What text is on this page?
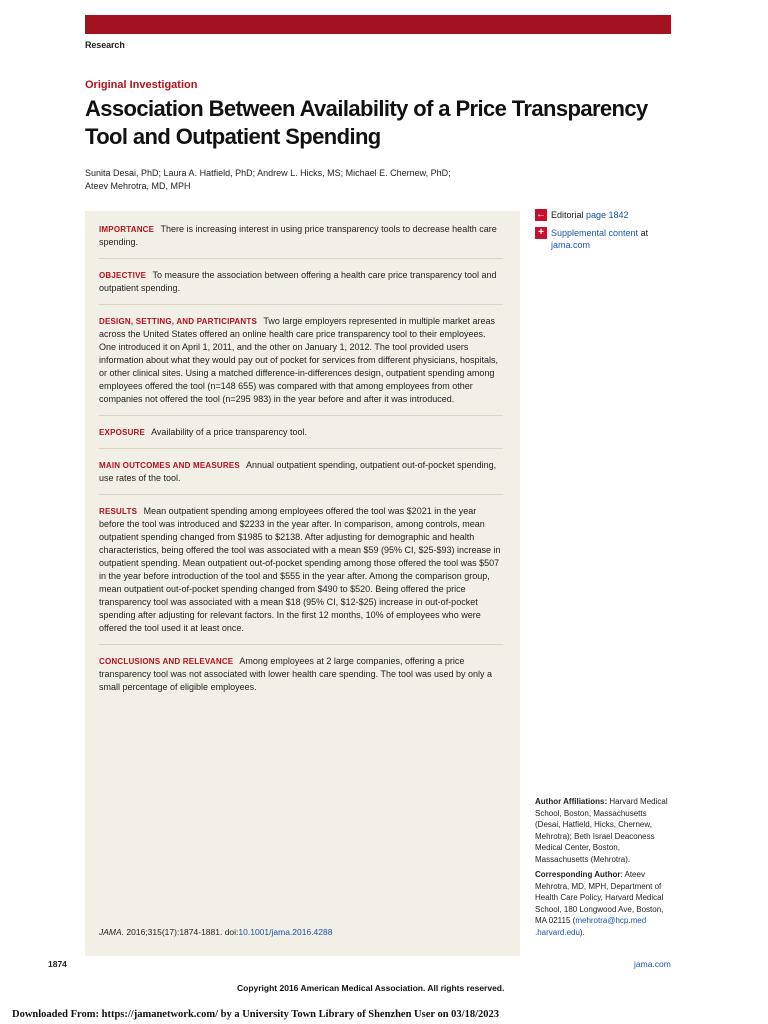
Research
Original Investigation
Association Between Availability of a Price Transparency Tool and Outpatient Spending
Sunita Desai, PhD; Laura A. Hatfield, PhD; Andrew L. Hicks, MS; Michael E. Chernew, PhD;
Ateev Mehrotra, MD, MPH
IMPORTANCE There is increasing interest in using price transparency tools to decrease health care spending.
OBJECTIVE To measure the association between offering a health care price transparency tool and outpatient spending.
DESIGN, SETTING, AND PARTICIPANTS Two large employers represented in multiple market areas across the United States offered an online health care price transparency tool to their employees. One introduced it on April 1, 2011, and the other on January 1, 2012. The tool provided users information about what they would pay out of pocket for services from different physicians, hospitals, or other clinical sites. Using a matched difference-in-differences design, outpatient spending among employees offered the tool (n=148 655) was compared with that among employees from other companies not offered the tool (n=295 983) in the year before and after it was introduced.
EXPOSURE Availability of a price transparency tool.
MAIN OUTCOMES AND MEASURES Annual outpatient spending, outpatient out-of-pocket spending, use rates of the tool.
RESULTS Mean outpatient spending among employees offered the tool was $2021 in the year before the tool was introduced and $2233 in the year after. In comparison, among controls, mean outpatient spending changed from $1985 to $2138. After adjusting for demographic and health characteristics, being offered the tool was associated with a mean $59 (95% CI, $25-$93) increase in outpatient spending. Mean outpatient out-of-pocket spending among those offered the tool was $507 in the year before introduction of the tool and $555 in the year after. Among the comparison group, mean outpatient out-of-pocket spending changed from $490 to $520. Being offered the price transparency tool was associated with a mean $18 (95% CI, $12-$25) increase in out-of-pocket spending after adjusting for relevant factors. In the first 12 months, 10% of employees who were offered the tool used it at least once.
CONCLUSIONS AND RELEVANCE Among employees at 2 large companies, offering a price transparency tool was not associated with lower health care spending. The tool was used by only a small percentage of eligible employees.
JAMA. 2016;315(17):1874-1881. doi:10.1001/jama.2016.4288
← Editorial page 1842
+ Supplemental content at
jama.com

Author Affiliations: Harvard Medical School, Boston, Massachusetts (Desai, Hatfield, Hicks, Chernew, Mehrotra); Beth Israel Deaconess Medical Center, Boston, Massachusetts (Mehrotra).

Corresponding Author: Ateev Mehrotra, MD, MPH, Department of Health Care Policy, Harvard Medical School, 180 Longwood Ave, Boston, MA 02115 (mehrotra@hcp.med .harvard.edu).

1874	jama.com
Copyright 2016 American Medical Association. All rights reserved.
Downloaded From: https://jamanetwork.com/ by a University Town Library of Shenzhen User on 03/18/2023
